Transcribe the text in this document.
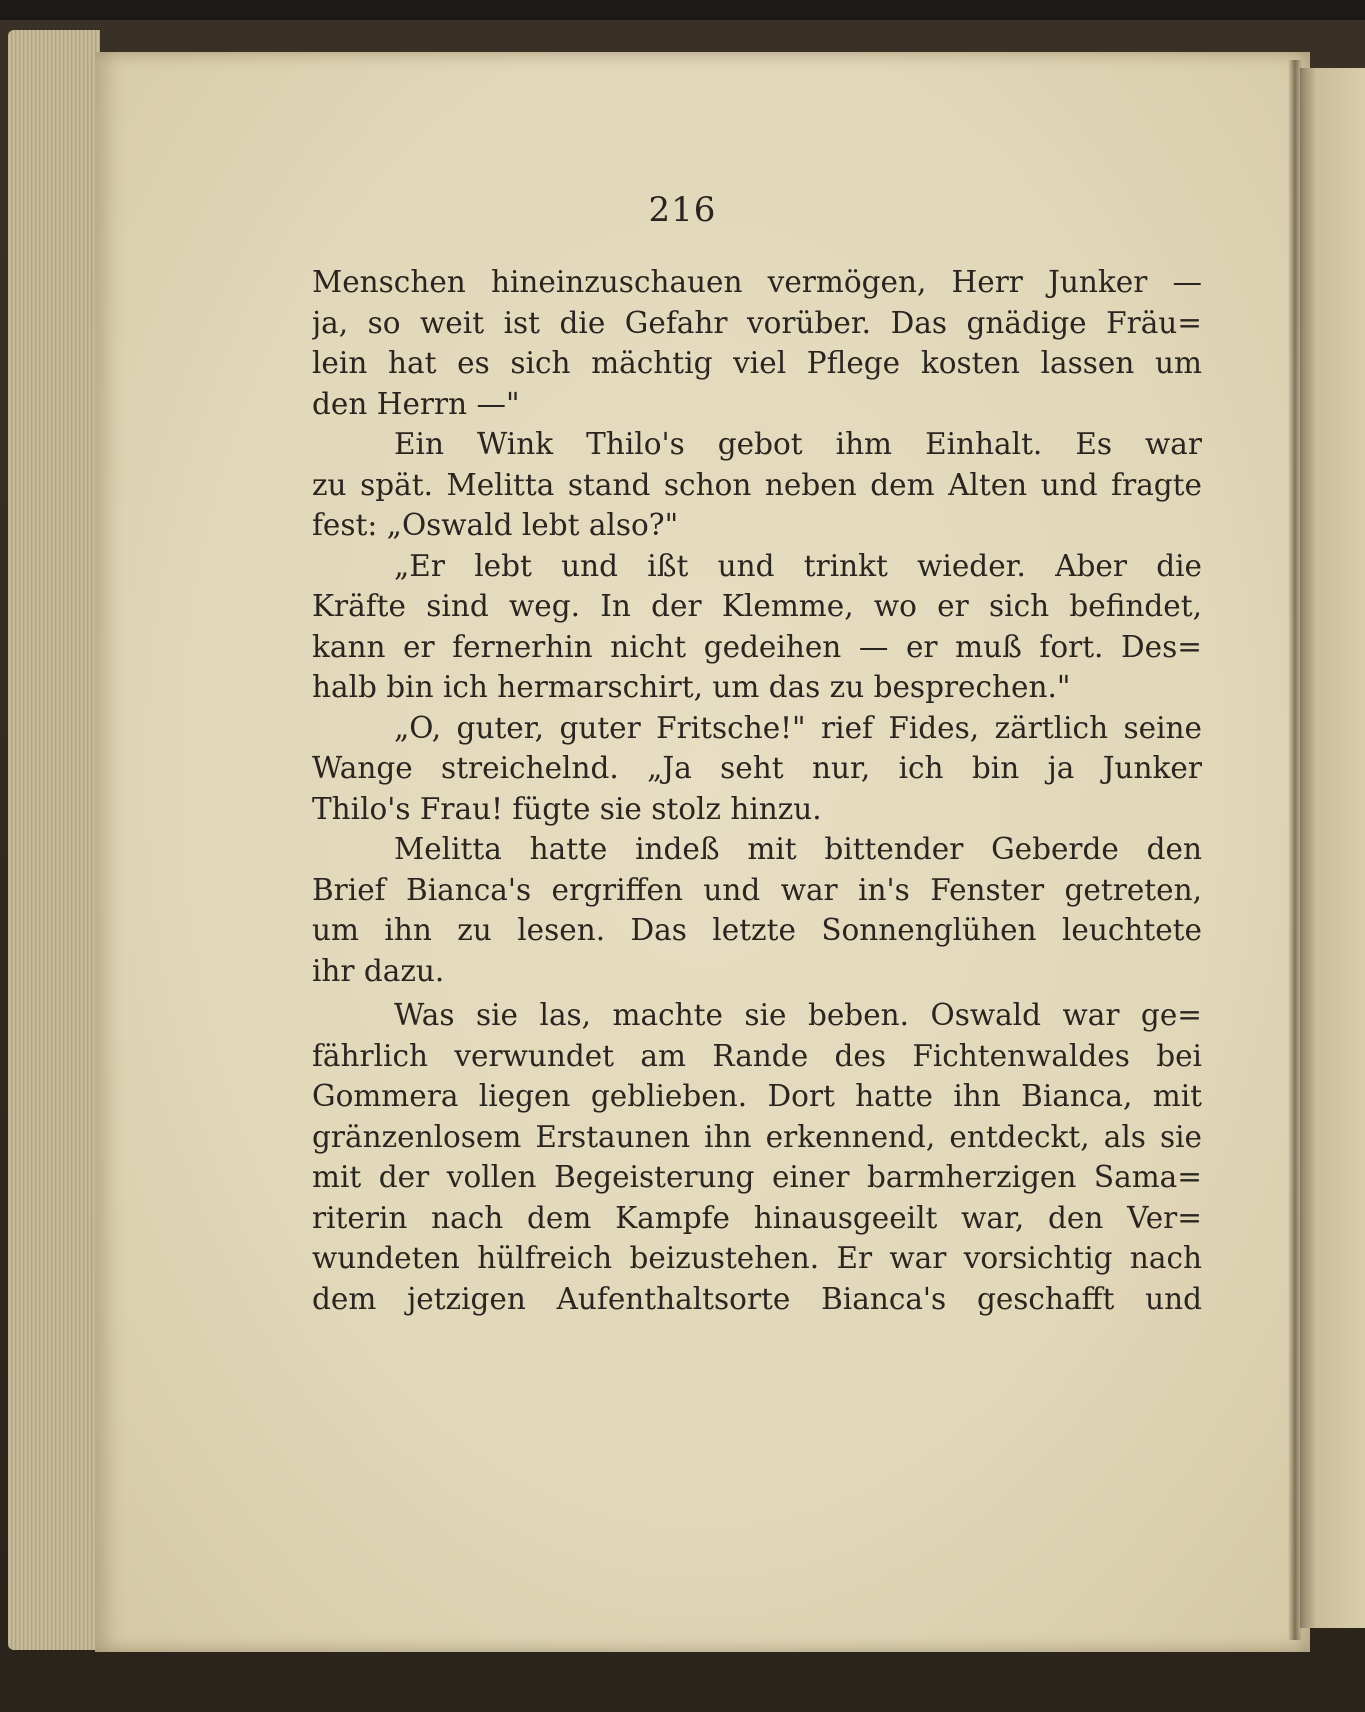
216
Menschen hineinzuschauen vermögen, Herr Junker —
ja, so weit ist die Gefahr vorüber. Das gnädige Fräu=
lein hat es sich mächtig viel Pflege kosten lassen um
den Herrn —"
Ein Wink Thilo's gebot ihm Einhalt. Es war
zu spät. Melitta stand schon neben dem Alten und fragte
fest: „Oswald lebt also?"
„Er lebt und ißt und trinkt wieder. Aber die
Kräfte sind weg. In der Klemme, wo er sich befindet,
kann er fernerhin nicht gedeihen — er muß fort. Des=
halb bin ich hermarschirt, um das zu besprechen."
„O, guter, guter Fritsche!" rief Fides, zärtlich seine
Wange streichelnd. „Ja seht nur, ich bin ja Junker
Thilo's Frau! fügte sie stolz hinzu.
Melitta hatte indeß mit bittender Geberde den
Brief Bianca's ergriffen und war in's Fenster getreten,
um ihn zu lesen. Das letzte Sonnenglühen leuchtete
ihr dazu.
Was sie las, machte sie beben. Oswald war ge=
fährlich verwundet am Rande des Fichtenwaldes bei
Gommera liegen geblieben. Dort hatte ihn Bianca, mit
gränzenlosem Erstaunen ihn erkennend, entdeckt, als sie
mit der vollen Begeisterung einer barmherzigen Sama=
riterin nach dem Kampfe hinausgeeilt war, den Ver=
wundeten hülfreich beizustehen. Er war vorsichtig nach
dem jetzigen Aufenthaltsorte Bianca's geschafft und
